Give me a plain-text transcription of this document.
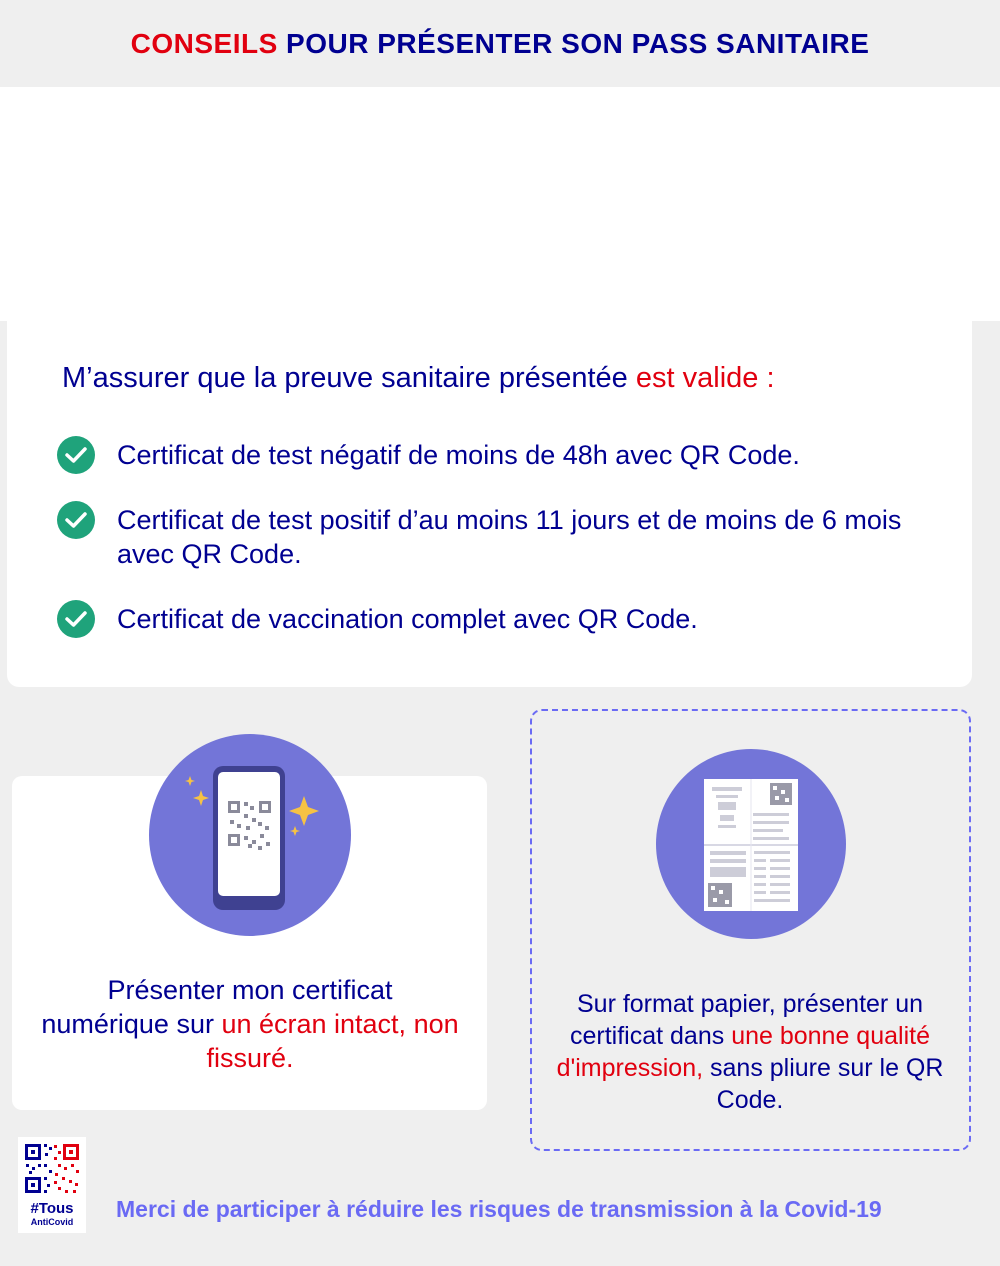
CONSEILS POUR PRÉSENTER SON PASS SANITAIRE

M’assurer que la preuve sanitaire présentée est valide :

Certificat de test négatif de moins de 48h avec QR Code.
Certificat de test positif d’au moins 11 jours et de moins de 6 mois avec QR Code.
Certificat de vaccination complet avec QR Code.

Présenter mon certificat numérique sur un écran intact, non fissuré.

Sur format papier, présenter un certificat dans une bonne qualité d'impression, sans pliure sur le QR Code.

#Tous
AntiCovid	Merci de participer à réduire les risques de transmission à la Covid-19
